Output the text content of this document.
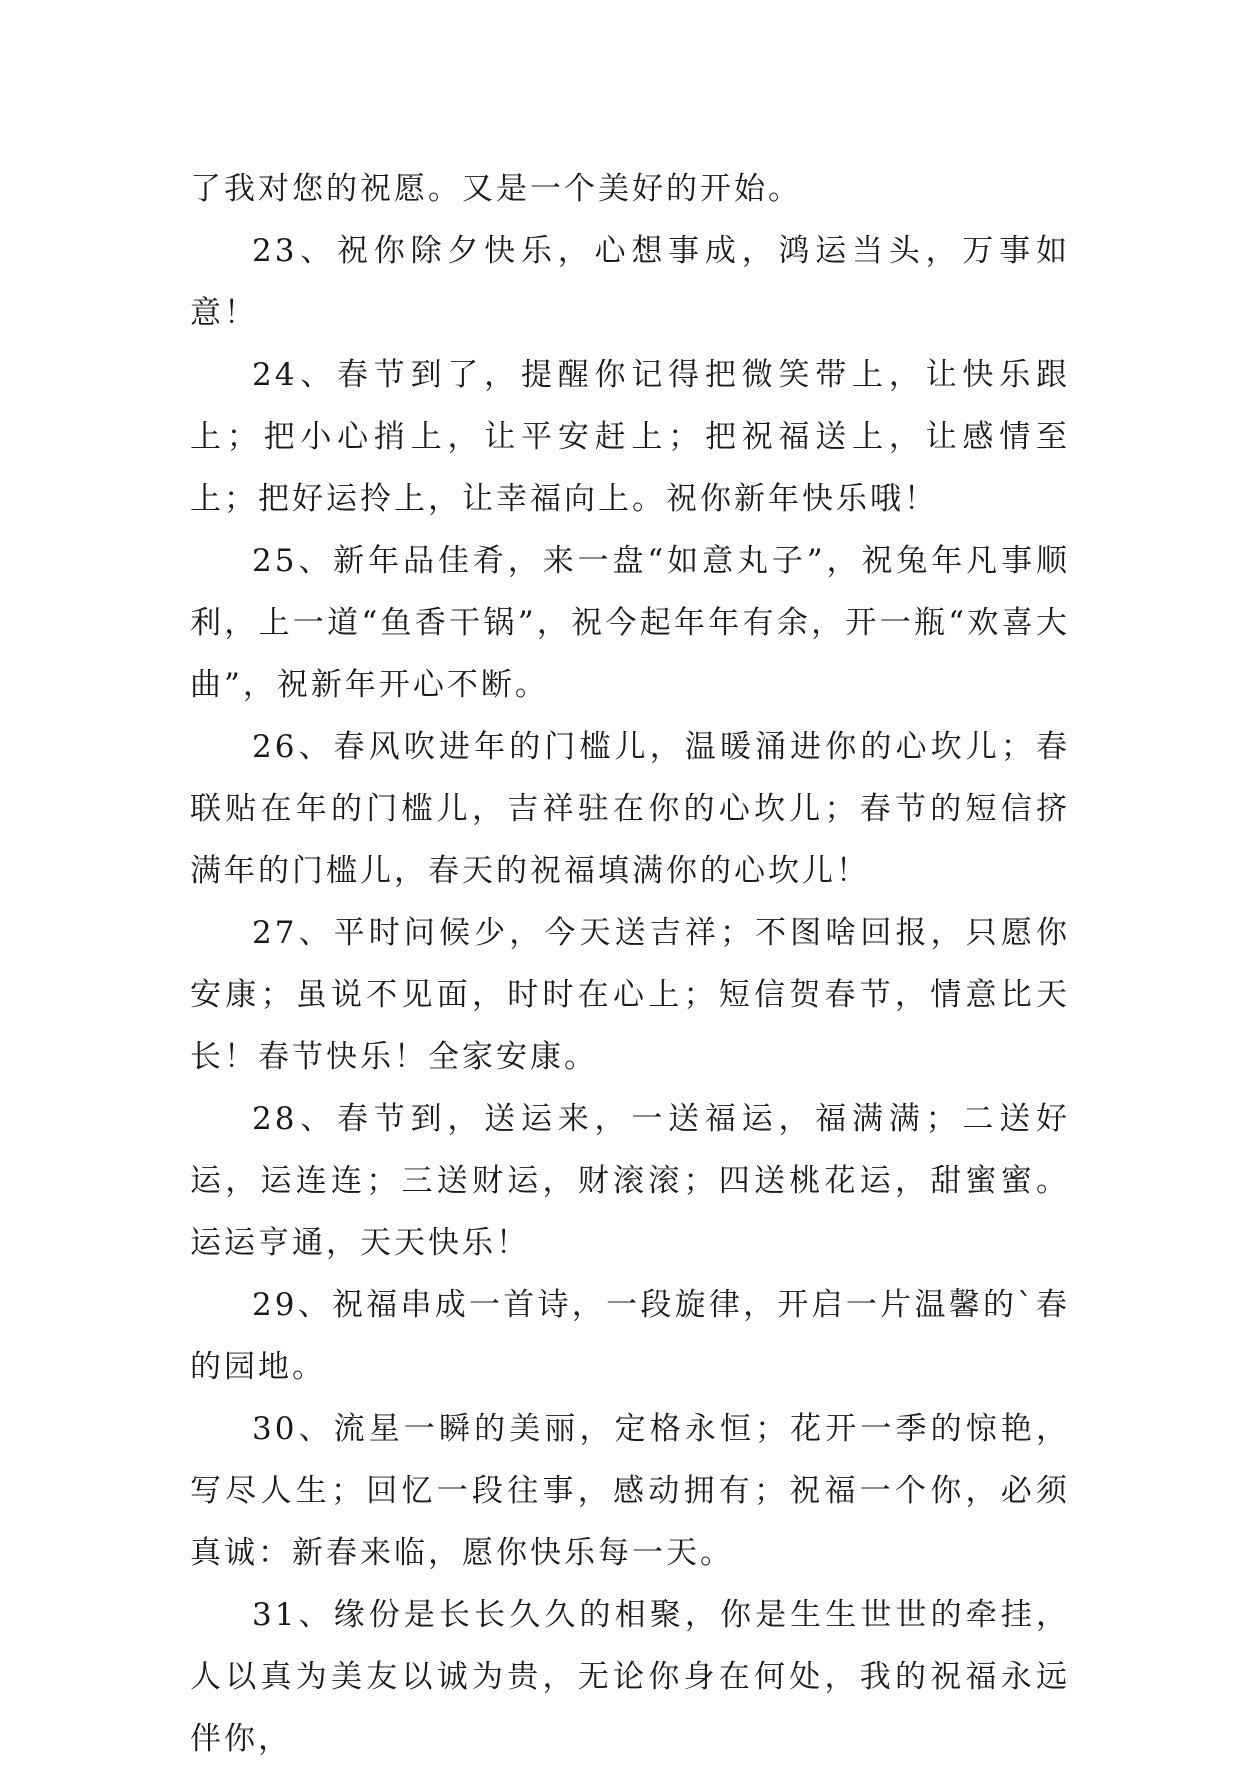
了我对您的祝愿。又是一个美好的开始。

23、祝你除夕快乐，心想事成，鸿运当头，万事如意！

24、春节到了，提醒你记得把微笑带上，让快乐跟上；把小心捎上，让平安赶上；把祝福送上，让感情至上；把好运拎上，让幸福向上。祝你新年快乐哦！

25、新年品佳肴，来一盘“如意丸子”，祝兔年凡事顺利，上一道“鱼香干锅”，祝今起年年有余，开一瓶“欢喜大曲”，祝新年开心不断。

26、春风吹进年的门槛儿，温暖涌进你的心坎儿；春联贴在年的门槛儿，吉祥驻在你的心坎儿；春节的短信挤满年的门槛儿，春天的祝福填满你的心坎儿！

27、平时问候少，今天送吉祥；不图啥回报，只愿你安康；虽说不见面，时时在心上；短信贺春节，情意比天长！春节快乐！全家安康。

28、春节到，送运来，一送福运，福满满；二送好运，运连连；三送财运，财滚滚；四送桃花运，甜蜜蜜。运运亨通，天天快乐！

29、祝福串成一首诗，一段旋律，开启一片温馨的`春的园地。

30、流星一瞬的美丽，定格永恒；花开一季的惊艳，写尽人生；回忆一段往事，感动拥有；祝福一个你，必须真诚：新春来临，愿你快乐每一天。

31、缘份是长长久久的相聚，你是生生世世的牵挂，人以真为美友以诚为贵，无论你身在何处，我的祝福永远伴你，
